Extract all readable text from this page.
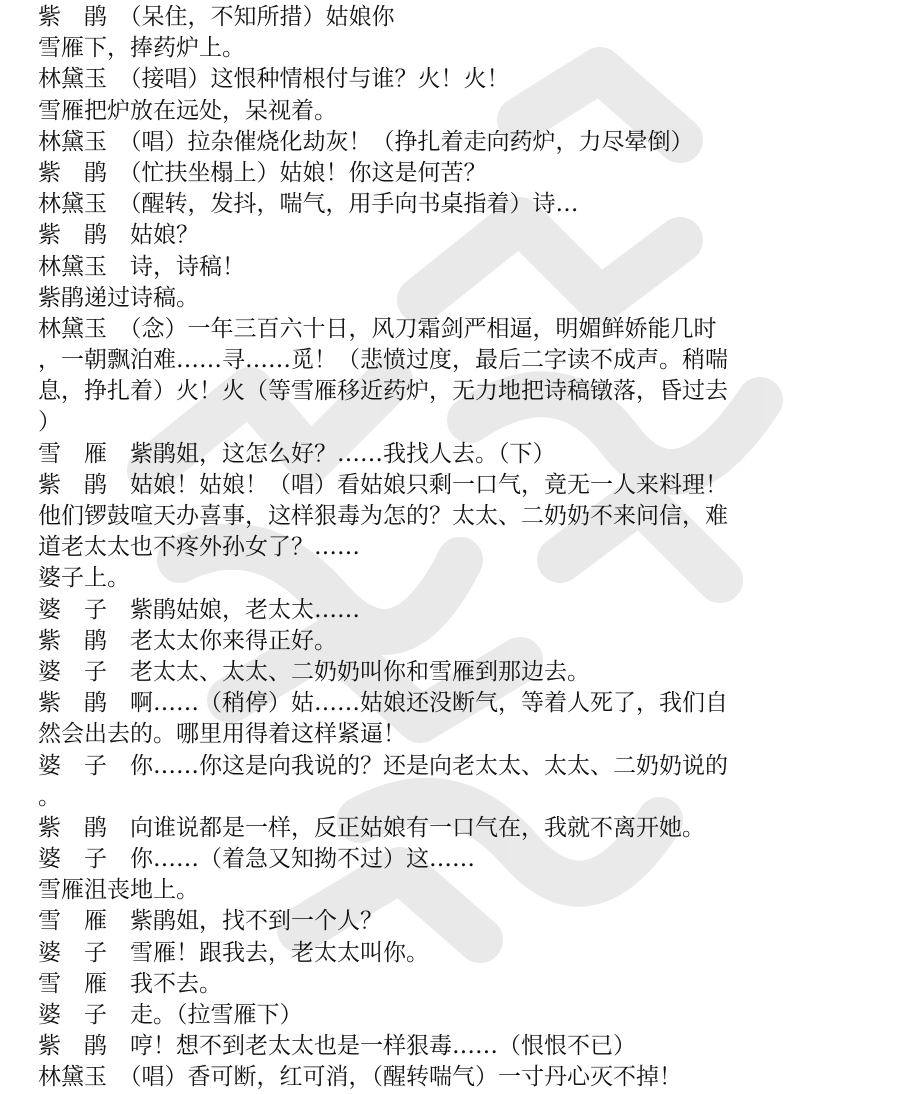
紫　鹃　（呆住，不知所措）姑娘你
雪雁下，捧药炉上。
林黛玉　（接唱）这恨种情根付与谁？火！火！
雪雁把炉放在远处，呆视着。
林黛玉　（唱）拉杂催烧化劫灰！（挣扎着走向药炉，力尽晕倒）
紫　鹃　（忙扶坐榻上）姑娘！你这是何苦？
林黛玉　（醒转，发抖，喘气，用手向书桌指着）诗…
紫　鹃　姑娘？
林黛玉　诗，诗稿！
紫鹃递过诗稿。
林黛玉　（念）一年三百六十日，风刀霜剑严相逼，明媚鲜娇能几时
，一朝飘泊难……寻……觅！（悲愤过度，最后二字读不成声。稍喘
息，挣扎着）火！火（等雪雁移近药炉，无力地把诗稿镦落，昏过去
）
雪　雁　紫鹃姐，这怎么好？……我找人去。（下）
紫　鹃　姑娘！姑娘！（唱）看姑娘只剩一口气，竟无一人来料理！
他们锣鼓喧天办喜事，这样狠毒为怎的？太太、二奶奶不来问信，难
道老太太也不疼外孙女了？……
婆子上。
婆　子　紫鹃姑娘，老太太……
紫　鹃　老太太你来得正好。
婆　子　老太太、太太、二奶奶叫你和雪雁到那边去。
紫　鹃　啊……（稍停）姑……姑娘还没断气，等着人死了，我们自
然会出去的。哪里用得着这样紧逼！
婆　子　你……你这是向我说的？还是向老太太、太太、二奶奶说的
。
紫　鹃　向谁说都是一样，反正姑娘有一口气在，我就不离开她。
婆　子　你……（着急又知拗不过）这……
雪雁沮丧地上。
雪　雁　紫鹃姐，找不到一个人？
婆　子　雪雁！跟我去，老太太叫你。
雪　雁　我不去。
婆　子　走。（拉雪雁下）
紫　鹃　哼！想不到老太太也是一样狠毒……（恨恨不已）
林黛玉　（唱）香可断，红可消，（醒转喘气）一寸丹心灭不掉！
